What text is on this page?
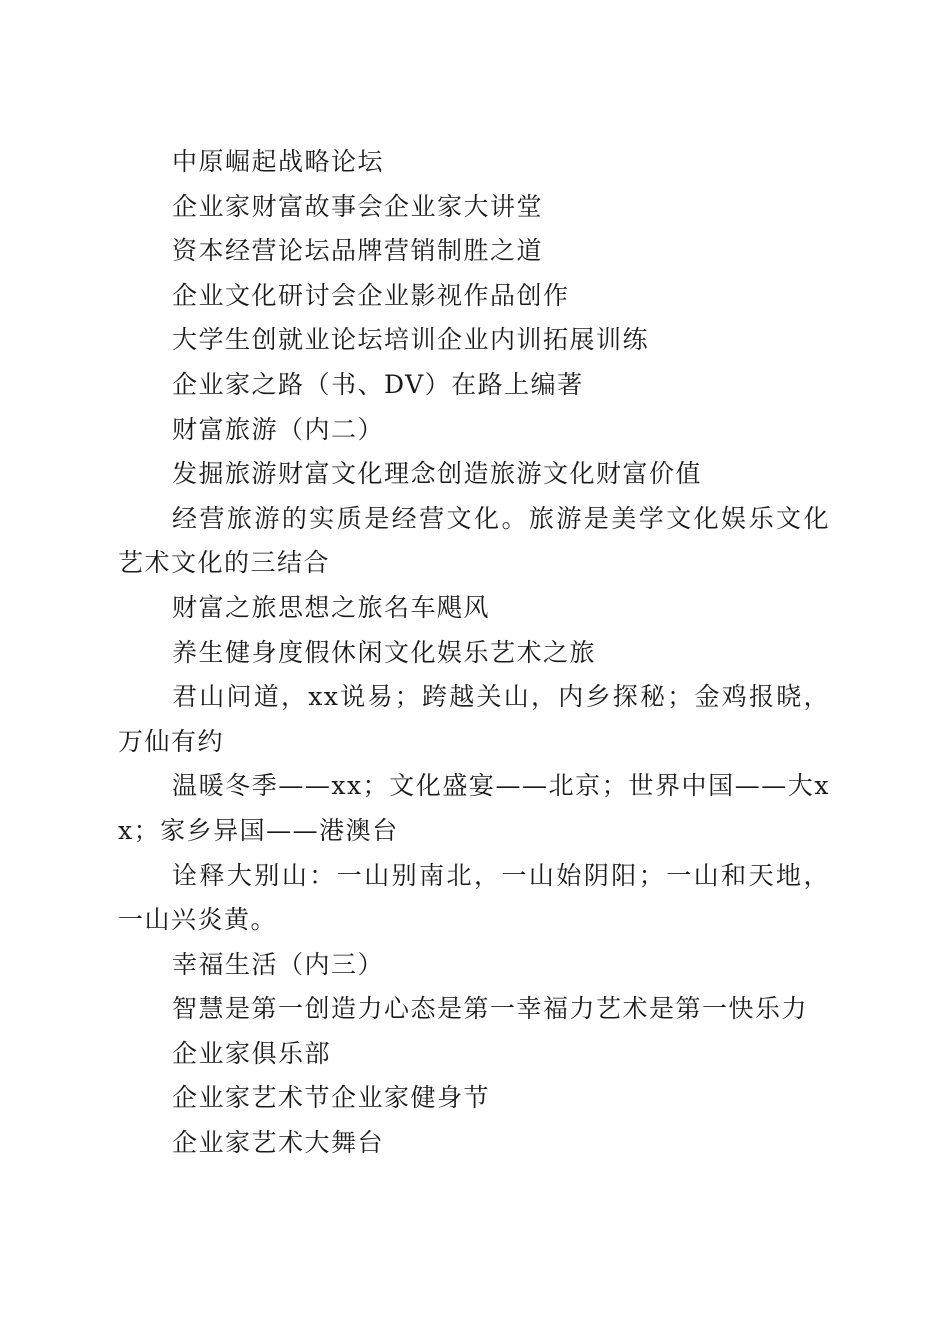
中原崛起战略论坛

企业家财富故事会企业家大讲堂

资本经营论坛品牌营销制胜之道

企业文化研讨会企业影视作品创作

大学生创就业论坛培训企业内训拓展训练

企业家之路（书、DV）在路上编著

财富旅游（内二）

发掘旅游财富文化理念创造旅游文化财富价值

经营旅游的实质是经营文化。旅游是美学文化娱乐文化艺术文化的三结合

财富之旅思想之旅名车飓风

养生健身度假休闲文化娱乐艺术之旅

君山问道，xx说易；跨越关山，内乡探秘；金鸡报晓，万仙有约

温暖冬季——xx；文化盛宴——北京；世界中国——大xx；家乡异国——港澳台

诠释大别山：一山别南北，一山始阴阳；一山和天地，一山兴炎黄。

幸福生活（内三）

智慧是第一创造力心态是第一幸福力艺术是第一快乐力

企业家俱乐部

企业家艺术节企业家健身节

企业家艺术大舞台
